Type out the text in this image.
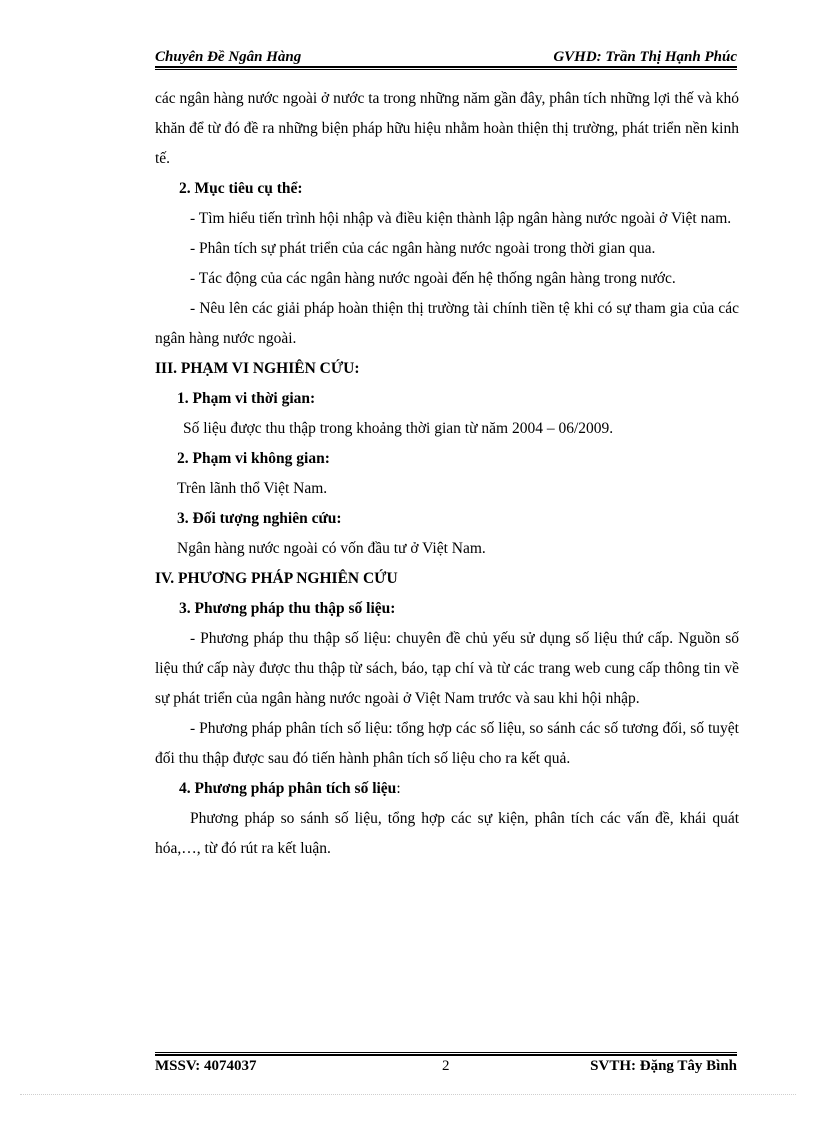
Chuyên Đề Ngân Hàng	GVHD: Trần Thị Hạnh Phúc

các ngân hàng nước ngoài ở nước ta trong những năm gần đây, phân tích những lợi thế và khó khăn để từ đó đề ra những biện pháp hữu hiệu nhằm hoàn thiện thị trường, phát triển nền kinh tế.

2. Mục tiêu cụ thể:

- Tìm hiểu tiến trình hội nhập và điều kiện thành lập ngân hàng nước ngoài ở Việt nam.

- Phân tích sự phát triển của các ngân hàng nước ngoài trong thời gian qua.

- Tác động của các ngân hàng nước ngoài đến hệ thống ngân hàng trong nước.

- Nêu lên các giải pháp hoàn thiện thị trường tài chính tiền tệ khi có sự tham gia của các ngân hàng nước ngoài.

III. PHẠM VI NGHIÊN CỨU:

1. Phạm vi thời gian:

Số liệu được thu thập trong khoảng thời gian từ năm 2004 – 06/2009.

2. Phạm vi không gian:

Trên lãnh thổ Việt Nam.

3. Đối tượng nghiên cứu:

Ngân hàng nước ngoài có vốn đầu tư ở Việt Nam.

IV. PHƯƠNG PHÁP NGHIÊN CỨU

3. Phương pháp thu thập số liệu:

- Phương pháp thu thập số liệu: chuyên đề chủ yếu sử dụng số liệu thứ cấp. Nguồn số liệu thứ cấp này được thu thập từ sách, báo, tạp chí và từ các trang web cung cấp thông tin về sự phát triển của ngân hàng nước ngoài ở Việt Nam trước và sau khi hội nhập.

- Phương pháp phân tích số liệu: tổng hợp các số liệu, so sánh các số tương đối, số tuyệt đối thu thập được sau đó tiến hành phân tích số liệu cho ra kết quả.

4. Phương pháp phân tích số liệu:

Phương pháp so sánh số liệu, tổng hợp các sự kiện, phân tích các vấn đề, khái quát hóa,…, từ đó rút ra kết luận.

MSSV: 4074037	2	SVTH: Đặng Tây Bình
